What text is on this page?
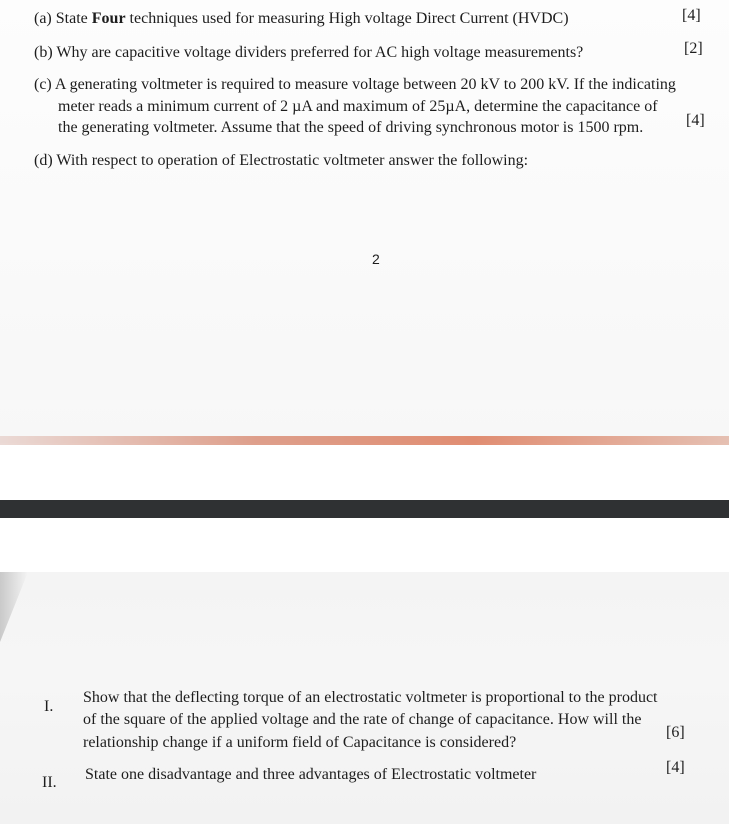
(a) State Four techniques used for measuring High voltage Direct Current (HVDC)	[4]
(b) Why are capacitive voltage dividers preferred for AC high voltage measurements?	[2]
(c) A generating voltmeter is required to measure voltage between 20 kV to 200 kV. If the indicating
meter reads a minimum current of 2 µA and maximum of 25µA, determine the capacitance of
the generating voltmeter. Assume that the speed of driving synchronous motor is 1500 rpm.	[4]
(d) With respect to operation of Electrostatic voltmeter answer the following:
2
I.
Show that the deflecting torque of an electrostatic voltmeter is proportional to the product
of the square of the applied voltage and the rate of change of capacitance. How will the
relationship change if a uniform field of Capacitance is considered?
[6]
II. State one disadvantage and three advantages of Electrostatic voltmeter	[4]
